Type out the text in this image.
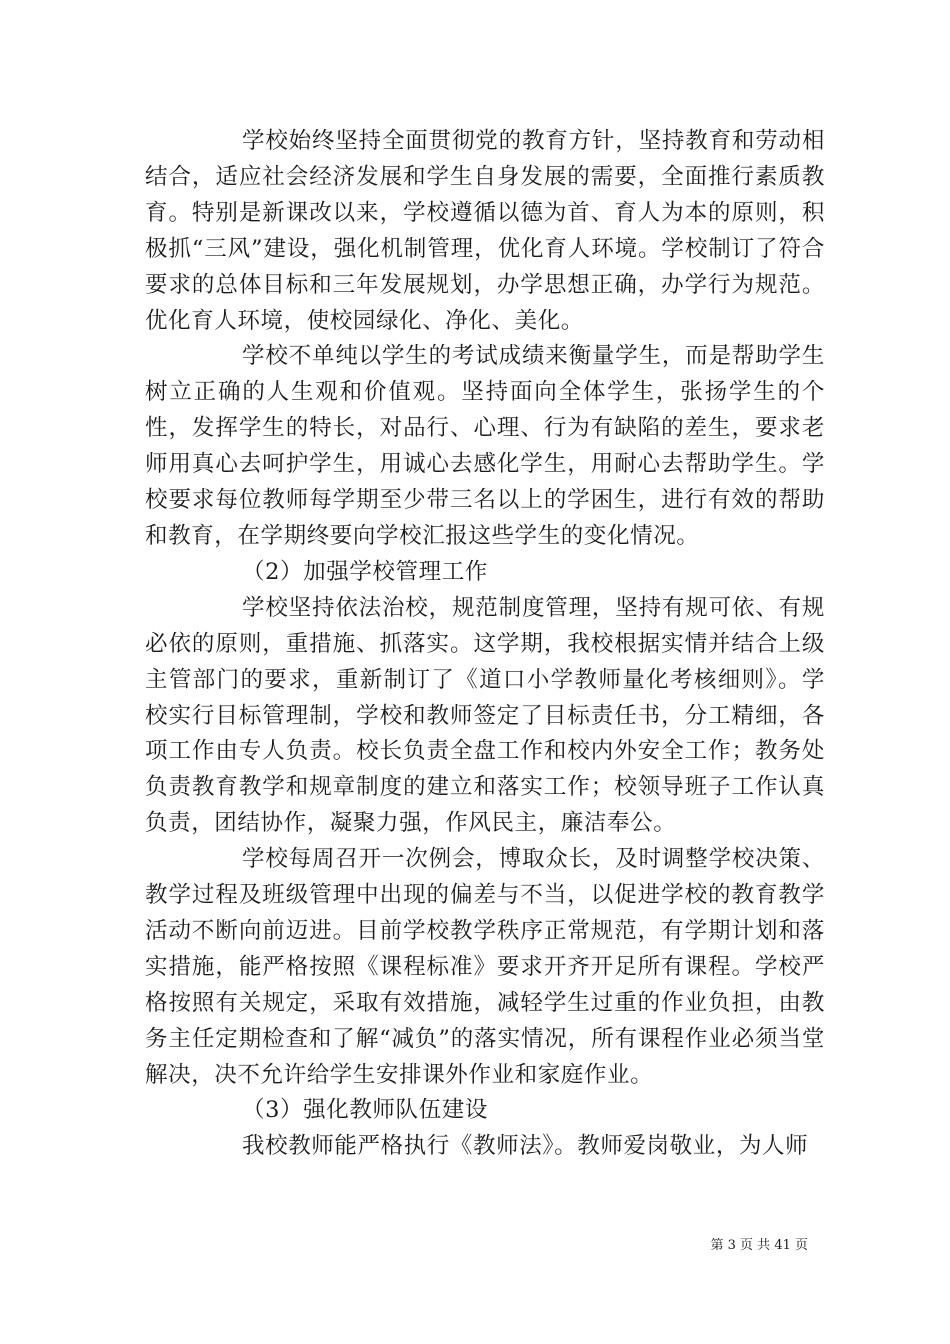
学校始终坚持全面贯彻党的教育方针，坚持教育和劳动相结合，适应社会经济发展和学生自身发展的需要，全面推行素质教育。特别是新课改以来，学校遵循以德为首、育人为本的原则，积极抓“三风”建设，强化机制管理，优化育人环境。学校制订了符合要求的总体目标和三年发展规划，办学思想正确，办学行为规范。优化育人环境，使校园绿化、净化、美化。

学校不单纯以学生的考试成绩来衡量学生，而是帮助学生树立正确的人生观和价值观。坚持面向全体学生，张扬学生的个性，发挥学生的特长，对品行、心理、行为有缺陷的差生，要求老师用真心去呵护学生，用诚心去感化学生，用耐心去帮助学生。学校要求每位教师每学期至少带三名以上的学困生，进行有效的帮助和教育，在学期终要向学校汇报这些学生的变化情况。

（2）加强学校管理工作

学校坚持依法治校，规范制度管理，坚持有规可依、有规必依的原则，重措施、抓落实。这学期，我校根据实情并结合上级主管部门的要求，重新制订了《道口小学教师量化考核细则》。学校实行目标管理制，学校和教师签定了目标责任书，分工精细，各项工作由专人负责。校长负责全盘工作和校内外安全工作；教务处负责教育教学和规章制度的建立和落实工作；校领导班子工作认真负责，团结协作，凝聚力强，作风民主，廉洁奉公。

学校每周召开一次例会，博取众长，及时调整学校决策、教学过程及班级管理中出现的偏差与不当，以促进学校的教育教学活动不断向前迈进。目前学校教学秩序正常规范，有学期计划和落实措施，能严格按照《课程标准》要求开齐开足所有课程。学校严格按照有关规定，采取有效措施，减轻学生过重的作业负担，由教务主任定期检查和了解“减负”的落实情况，所有课程作业必须当堂解决，决不允许给学生安排课外作业和家庭作业。

（3）强化教师队伍建设

我校教师能严格执行《教师法》。教师爱岗敬业，为人师

第 3 页 共 41 页
